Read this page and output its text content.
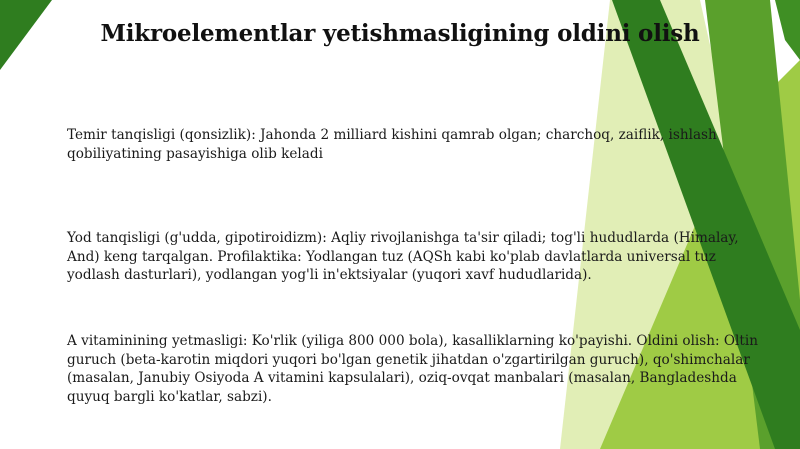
Mikroelementlar yetishmasligining oldini olish
Temir tanqisligi (qonsizlik): Jahonda 2 milliard kishini qamrab olgan; charchoq, zaiflik, ishlash qobiliyatining pasayishiga olib keladi
Yod tanqisligi (g'udda, gipotiroidizm): Aqliy rivojlanishga ta'sir qiladi; tog'li hududlarda (Himalay, And) keng tarqalgan. Profilaktika: Yodlangan tuz (AQSh kabi ko'plab davlatlarda universal tuz yodlash dasturlari), yodlangan yog'li in'ektsiyalar (yuqori xavf hududlarida).
A vitaminining yetmasligi: Ko'rlik (yiliga 800 000 bola), kasalliklarning ko'payishi. Oldini olish: Oltin guruch (beta-karotin miqdori yuqori bo'lgan genetik jihatdan o'zgartirilgan guruch), qo'shimchalar (masalan, Janubiy Osiyoda A vitamini kapsulalari), oziq-ovqat manbalari (masalan, Bangladeshda quyuq bargli ko'katlar, sabzi).
